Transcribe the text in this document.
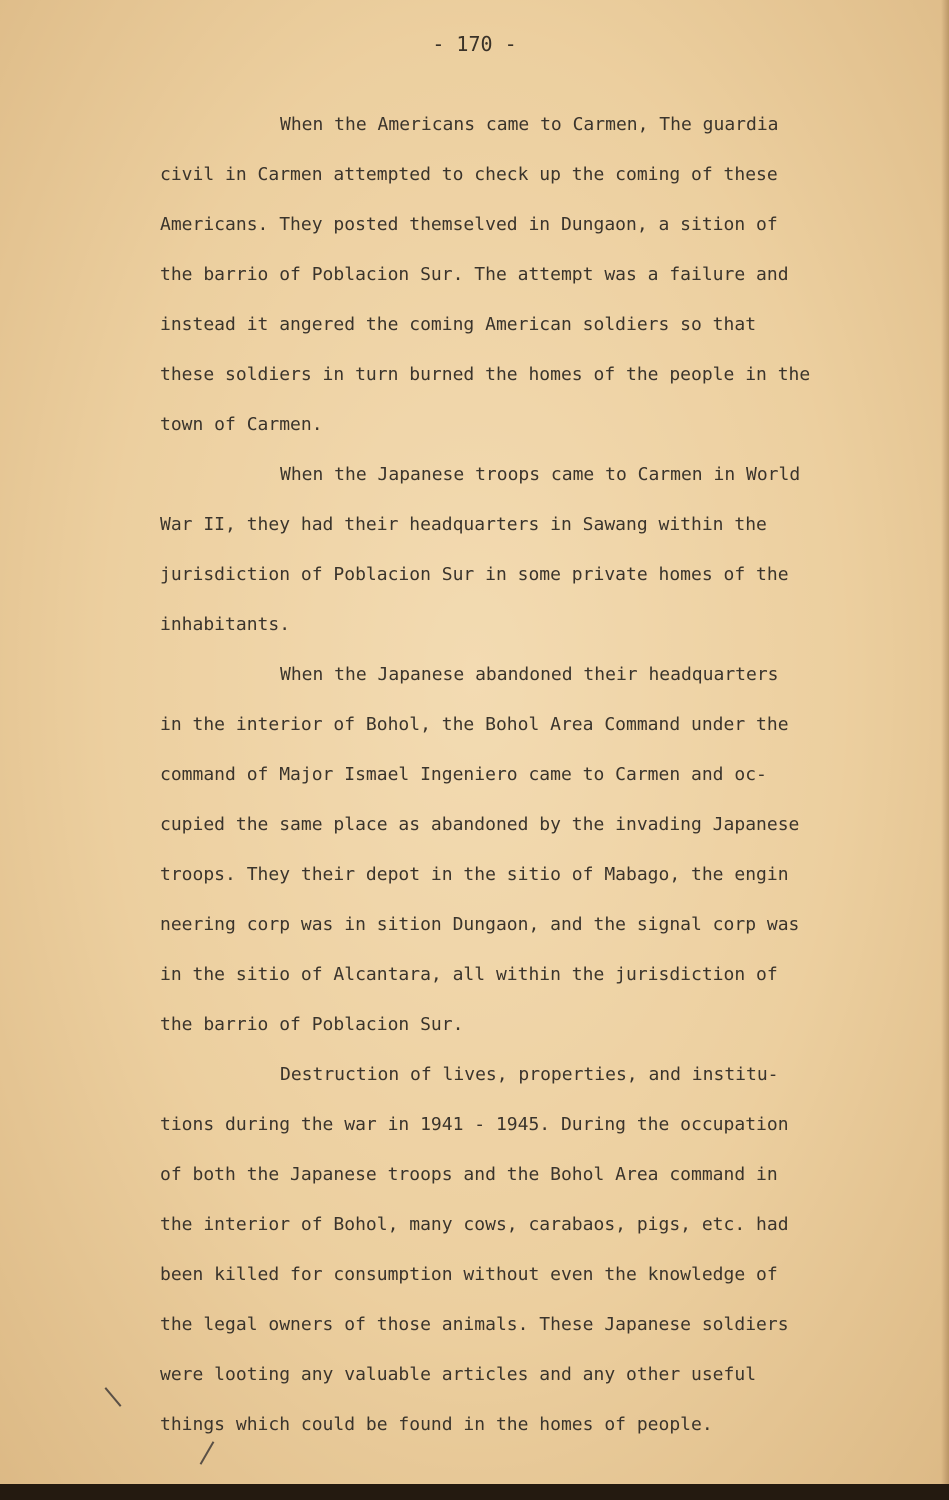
- 170 -
When the Americans came to Carmen, The guardia
civil in Carmen attempted to check up the coming of these
Americans. They posted themselved in Dungaon, a sition of
the barrio of Poblacion Sur. The attempt was a failure and
instead it angered the coming American soldiers so that
these soldiers in turn burned the homes of the people in the
town of Carmen.
When the Japanese troops came to Carmen in World
War II, they had their headquarters in Sawang within the
jurisdiction of Poblacion Sur in some private homes of the
inhabitants.
When the Japanese abandoned their headquarters
in the interior of Bohol, the Bohol Area Command under the
command of Major Ismael Ingeniero came to Carmen and oc-
cupied the same place as abandoned by the invading Japanese
troops. They their depot in the sitio of Mabago, the engin
neering corp was in sition Dungaon, and the signal corp was
in the sitio of Alcantara, all within the jurisdiction of
the barrio of Poblacion Sur.
Destruction of lives, properties, and institu-
tions during the war in 1941 - 1945. During the occupation
of both the Japanese troops and the Bohol Area command in
the interior of Bohol, many cows, carabaos, pigs, etc. had
been killed for consumption without even the knowledge of
the legal owners of those animals. These Japanese soldiers
were looting any valuable articles and any other useful
things which could be found in the homes of people.
